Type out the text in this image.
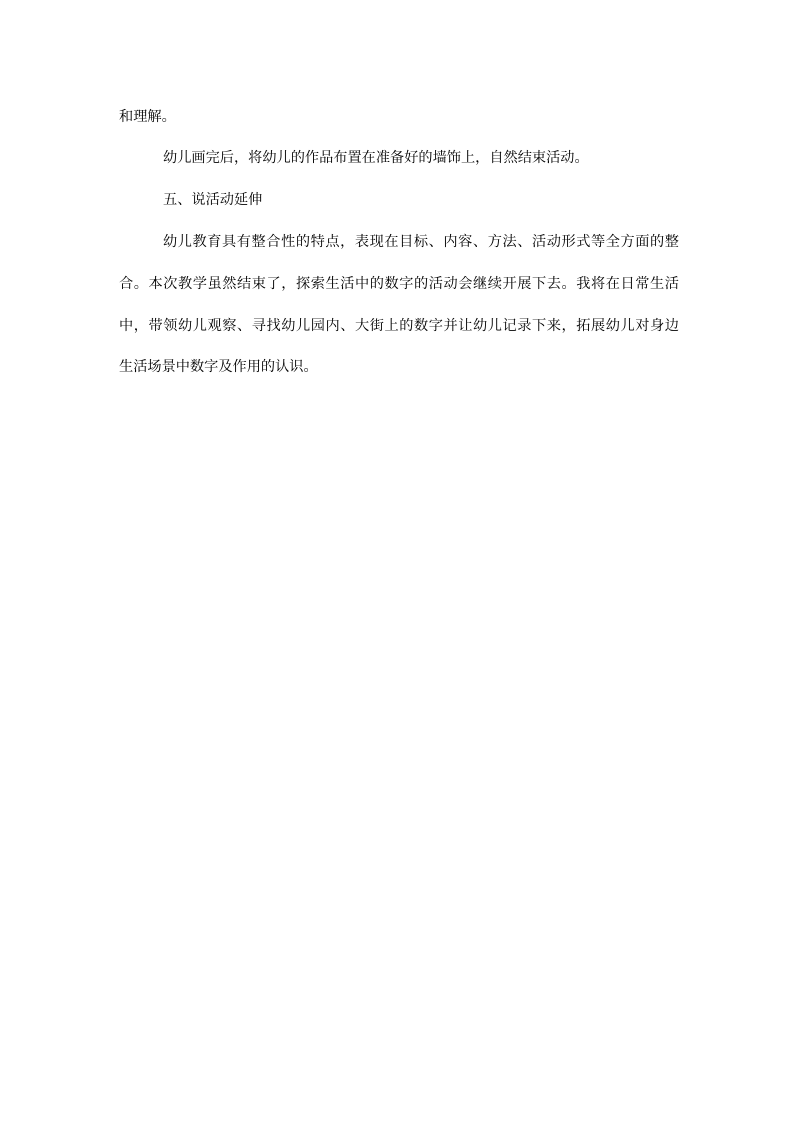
和理解。
幼儿画完后，将幼儿的作品布置在准备好的墙饰上，自然结束活动。
五、说活动延伸
幼儿教育具有整合性的特点，表现在目标、内容、方法、活动形式等全方面的整
合。本次教学虽然结束了，探索生活中的数字的活动会继续开展下去。我将在日常生活
中，带领幼儿观察、寻找幼儿园内、大街上的数字并让幼儿记录下来，拓展幼儿对身边
生活场景中数字及作用的认识。
